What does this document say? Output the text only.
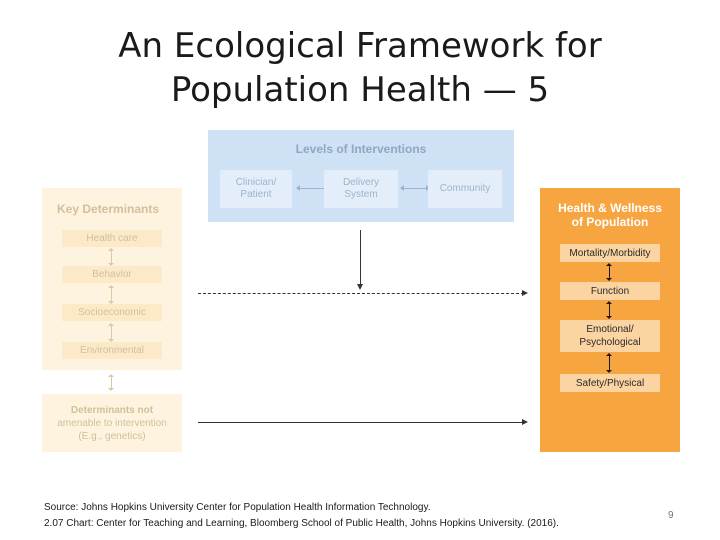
An Ecological Framework for
Population Health — 5
Levels of Interventions
Clinician/
Patient
Delivery
System
Community
Key Determinants
Health care
Behavior
Socioeconomic
Environmental
Determinants not
amenable to intervention
(E.g., genetics)
Health & Wellness
of Population
Mortality/Morbidity
Function
Emotional/
Psychological
Safety/Physical
Source: Johns Hopkins University Center for Population Health Information Technology.
2.07 Chart: Center for Teaching and Learning, Bloomberg School of Public Health, Johns Hopkins University. (2016).
9
